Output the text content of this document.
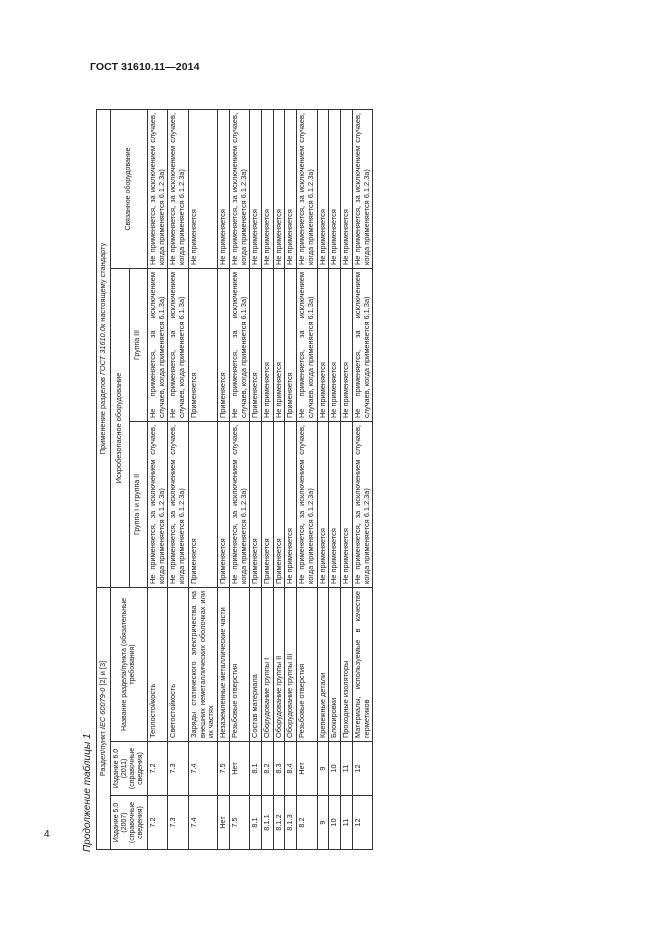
ГОСТ 31610.11—2014
Продолжение таблицы 1 Раздел/пункт IEC 60079-0 [2] и [3]			Применение разделов ГОСТ 31610.0к настоящему стандарту		
Издание 5.0 (2007) (справочные сведения)	Издание 6.0 (2011) (справочные сведения)	Название раздела/пункта (обязательные требования)	Искробезопасное оборудование		Связанное оборудование
			Группа I и группа II	Группа III	
7.2	7.2	Теплостойкость	Не применяется, за исключением случаев, когда применяется 6.1.2.3а)	Не применяется, за исключением случаев, когда применяется 6.1.3а)	Не применяется, за исключением случаев, когда применяется 6.1.2.3а)
7.3	7.3	Светостойкость	Не применяется, за исключением случаев, когда применяется 6.1.2.3а)	Не применяется, за исключением случаев, когда применяется 6.1.3а)	Не применяется, за исключением случаев, когда применяется 6.1.2.3а)
7.4	7.4	Заряды статического электричества на внешних неметаллических оболочках или их частях	Применяется	Применяется	Не применяется
Нет	7.5	Незаземленные металлические части	Применяется	Применяется	Не применяется
7.5	Нет	Резьбовые отверстия	Не применяется, за исключением случаев, когда применяется 6.1.2.3а)	Не применяется, за исключением случаев, когда применяется 6.1.3а)	Не применяется, за исключением случаев, когда применяется 6.1.2.3а)
8.1	8.1	Состав материала	Применяется	Применяется	Не применяется
8.1.1	8.2	Оборудование группы I	Применяется	Не применяется	Не применяется
8.1.2	8.3	Оборудование группы II	Применяется	Не применяется	Не применяется
8.1.3	8.4	Оборудование группы III	Не применяется	Применяется	Не применяется
8.2	Нет	Резьбовые отверстия	Не применяется, за исключением случаев, когда применяется 6.1.2.3а)	Не применяется, за исключением случаев, когда применяется 6.1.3а)	Не применяется, за исключением случаев, когда применяется 6.1.2.3а)
9	9	Крепежные детали	Не применяется	Не применяется	Не применяется
10	10	Блокировки	Не применяется	Не применяется	Не применяется
11	11	Проходные изоляторы	Не применяется	Не применяется	Не применяется
12	12	Материалы, используемые в качестве герметиков	Не применяется, за исключением случаев, когда применяется 6.1.2.3а)	Не применяется, за исключением случаев, когда применяется 6.1.3а)	Не применяется, за исключением случаев, когда применяется 6.1.2.3а)
4
